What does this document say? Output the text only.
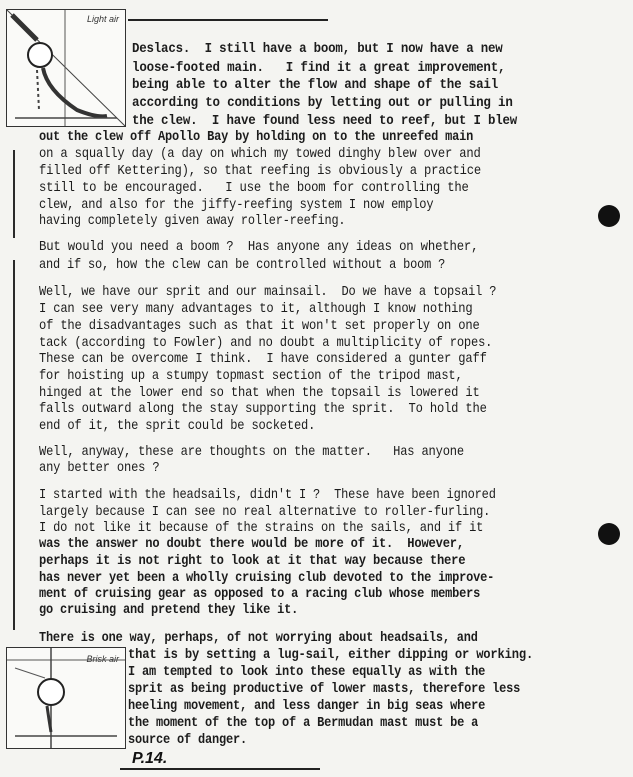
Light air
Deslacs.  I still have a boom, but I now have a new
loose-footed main.   I find it a great improvement,
being able to alter the flow and shape of the sail
according to conditions by letting out or pulling in
the clew.  I have found less need to reef, but I blew
out the clew off Apollo Bay by holding on to the unreefed main
on a squally day (a day on which my towed dinghy blew over and
filled off Kettering), so that reefing is obviously a practice
still to be encouraged.   I use the boom for controlling the
clew, and also for the jiffy-reefing system I now employ
having completely given away roller-reefing.
But would you need a boom ?  Has anyone any ideas on whether,
and if so, how the clew can be controlled without a boom ?
Well, we have our sprit and our mainsail.  Do we have a topsail ?
I can see very many advantages to it, although I know nothing
of the disadvantages such as that it won't set properly on one
tack (according to Fowler) and no doubt a multiplicity of ropes.
These can be overcome I think.  I have considered a gunter gaff
for hoisting up a stumpy topmast section of the tripod mast,
hinged at the lower end so that when the topsail is lowered it
falls outward along the stay supporting the sprit.  To hold the
end of it, the sprit could be socketed.
Well, anyway, these are thoughts on the matter.   Has anyone
any better ones ?
I started with the headsails, didn't I ?  These have been ignored
largely because I can see no real alternative to roller-furling.
I do not like it because of the strains on the sails, and if it
was the answer no doubt there would be more of it.  However,
perhaps it is not right to look at it that way because there
has never yet been a wholly cruising club devoted to the improve-
ment of cruising gear as opposed to a racing club whose members
go cruising and pretend they like it.
There is one way, perhaps, of not worrying about headsails, and
that is by setting a lug-sail, either dipping or working.
I am tempted to look into these equally as with the
sprit as being productive of lower masts, therefore less
heeling movement, and less danger in big seas where
the moment of the top of a Bermudan mast must be a
source of danger.
Brisk air
P.14.
